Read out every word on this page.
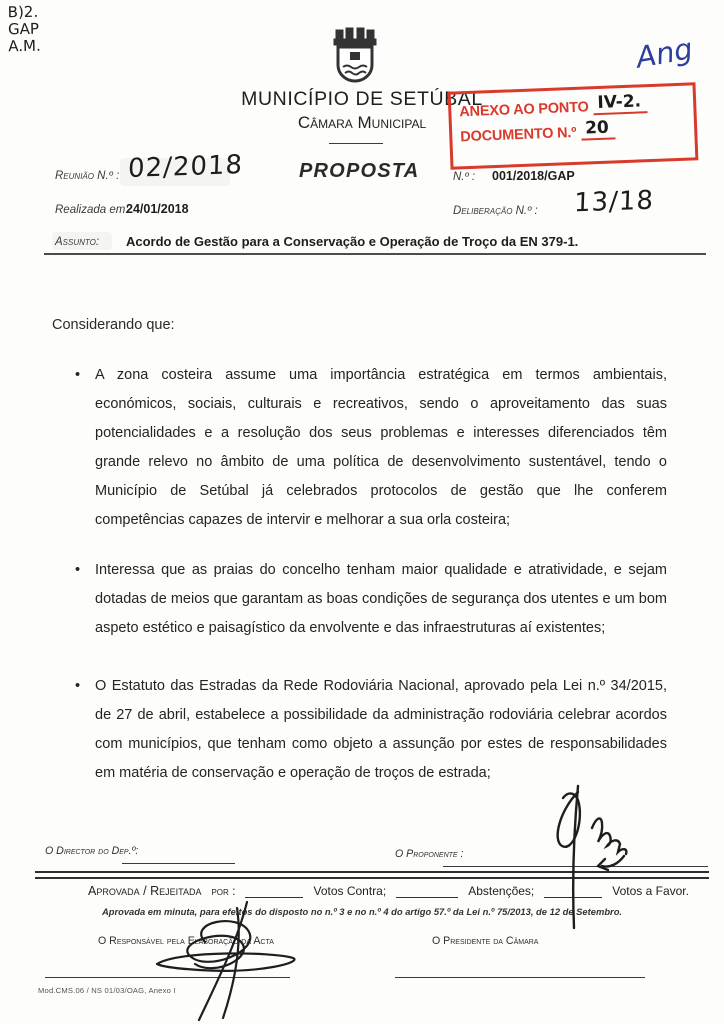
B)2.
GAP
A.M.	Ang
MUNICÍPIO DE SETÚBAL
Câmara Municipal
ANEXO AO PONTO IV-2.
DOCUMENTO N.º 20
Reunião N.º : 02/2018	PROPOSTA	N.º : 001/2018/GAP
Realizada em:
24/01/2018	Deliberação N.º : 13/18
Assunto: Acordo de Gestão para a Conservação e Operação de Troço da EN 379-1.
Considerando que:
• A zona costeira assume uma importância estratégica em termos ambientais, económicos, sociais, culturais e recreativos, sendo o aproveitamento das suas potencialidades e a resolução dos seus problemas e interesses diferenciados têm grande relevo no âmbito de uma política de desenvolvimento sustentável, tendo o Município de Setúbal já celebrados protocolos de gestão que lhe conferem competências capazes de intervir e melhorar a sua orla costeira;
• Interessa que as praias do concelho tenham maior qualidade e atratividade, e sejam dotadas de meios que garantam as boas condições de segurança dos utentes e um bom aspeto estético e paisagístico da envolvente e das infraestruturas aí existentes;
• O Estatuto das Estradas da Rede Rodoviária Nacional, aprovado pela Lei n.º 34/2015, de 27 de abril, estabelece a possibilidade da administração rodoviária celebrar acordos com municípios, que tenham como objeto a assunção por estes de responsabilidades em matéria de conservação e operação de troços de estrada;
O Director do Dep.º:	O Proponente :
Aprovada / Rejeitada por :	Votos Contra;	Abstenções;	Votos a Favor.
Aprovada em minuta, para efeitos do disposto no n.º 3 e no n.º 4 do artigo 57.º da Lei n.º 75/2013, de 12 de Setembro.
O Responsável pela Elaboração da Acta	O Presidente da Câmara
Mod.CMS.06 / NS 01/03/OAG, Anexo I
